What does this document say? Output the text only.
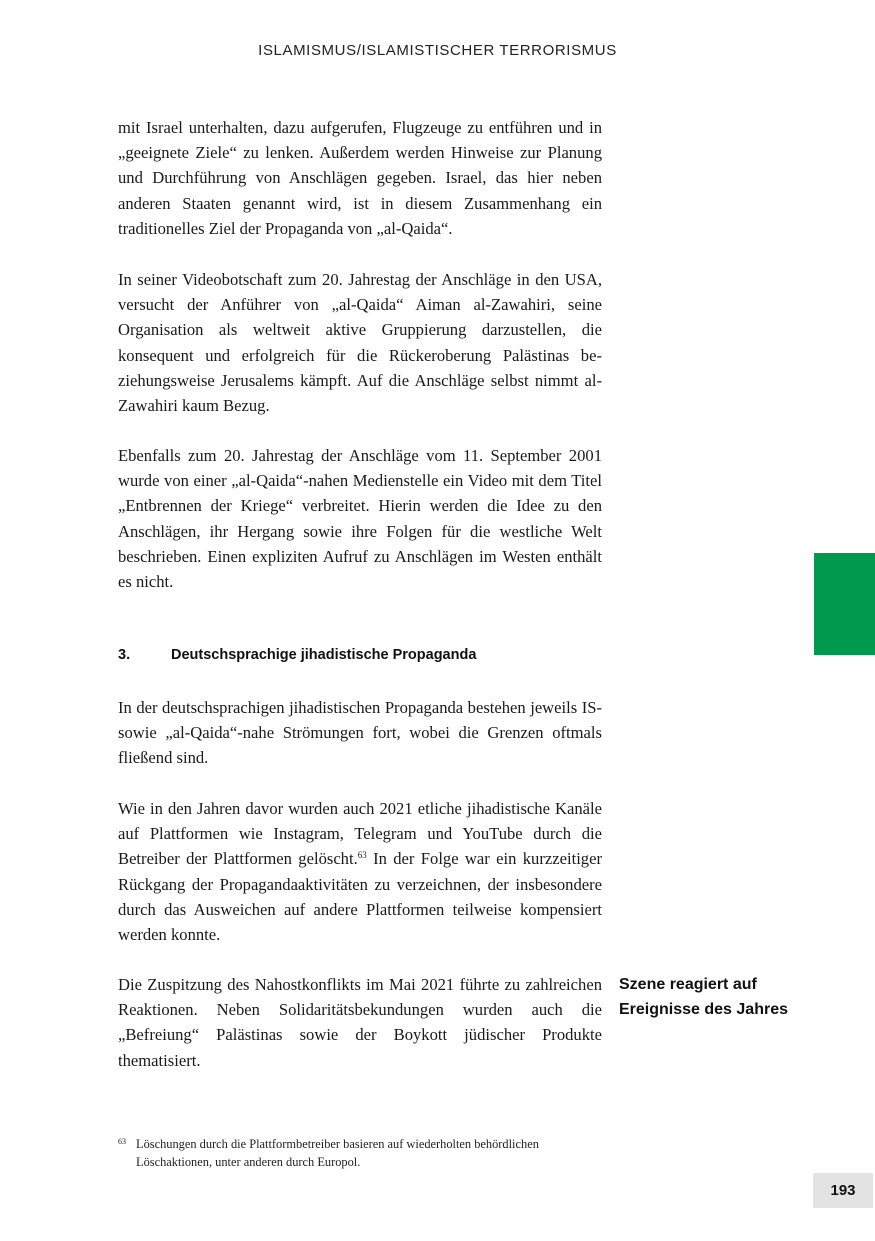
ISLAMISMUS/ISLAMISTISCHER TERRORISMUS

mit Israel unterhalten, dazu aufgerufen, Flugzeuge zu entführen und in „geeignete Ziele“ zu lenken. Außerdem werden Hinweise zur Planung und Durchführung von Anschlägen gegeben. Israel, das hier neben anderen Staaten genannt wird, ist in diesem Zusammenhang ein traditionelles Ziel der Propaganda von „al-Qaida“.

In seiner Videobotschaft zum 20. Jahrestag der Anschläge in den USA, versucht der Anführer von „al-Qaida“ Aiman al-Zawahiri, seine Organisation als weltweit aktive Gruppierung darzustellen, die konsequent und erfolgreich für die Rückeroberung Palästinas beziehungsweise Jerusalems kämpft. Auf die Anschläge selbst nimmt al-Zawahiri kaum Bezug.

Ebenfalls zum 20. Jahrestag der Anschläge vom 11. September 2001 wurde von einer „al-Qaida“-nahen Medienstelle ein Video mit dem Titel „Entbrennen der Kriege“ verbreitet. Hierin werden die Idee zu den Anschlägen, ihr Hergang sowie ihre Folgen für die westliche Welt beschrieben. Einen expliziten Aufruf zu Anschlägen im Westen enthält es nicht.

3.	Deutschsprachige jihadistische Propaganda

In der deutschsprachigen jihadistischen Propaganda bestehen jeweils IS- sowie „al-Qaida“-nahe Strömungen fort, wobei die Grenzen oftmals fließend sind.

Wie in den Jahren davor wurden auch 2021 etliche jihadistische Kanäle auf Plattformen wie Instagram, Telegram und YouTube durch die Betreiber der Plattformen gelöscht.$^{63}$ In der Folge war ein kurzzeitiger Rückgang der Propagandaaktivitäten zu verzeichnen, der insbesondere durch das Ausweichen auf andere Plattformen teilweise kompensiert werden konnte.

Die Zuspitzung des Nahostkonflikts im Mai 2021 führte zu zahlreichen Reaktionen. Neben Solidaritätsbekundungen wurden auch die „Befreiung“ Palästinas sowie der Boykott jüdischer Produkte thematisiert.

Szene reagiert auf Ereignisse des Jahres
63 Löschungen durch die Plattformbetreiber basieren auf wiederholten behördlichen Löschaktionen, unter anderen durch Europol.
193
